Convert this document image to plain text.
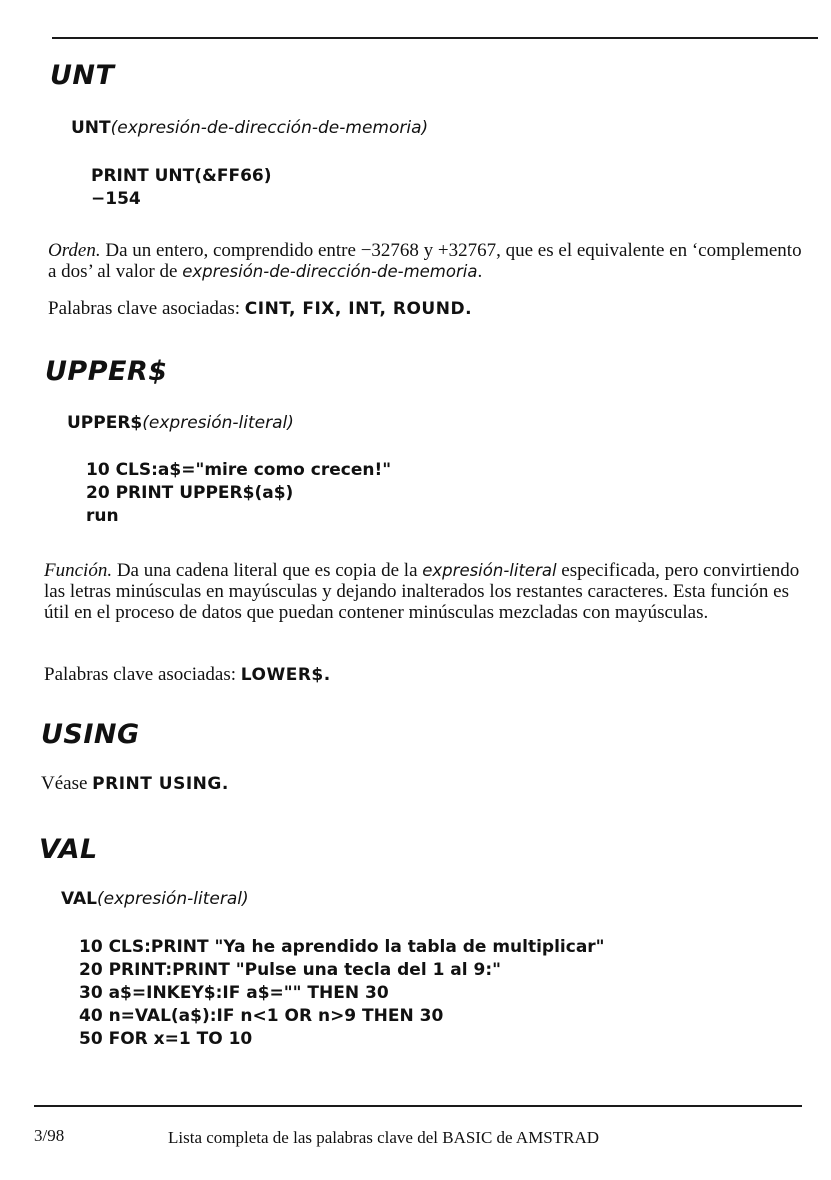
UNT
UNT(expresión-de-dirección-de-memoria)
PRINT UNT(&FF66)
−154

Orden. Da un entero, comprendido entre −32768 y +32767, que es el equivalente en ‘complemento a dos’ al valor de expresión-de-dirección-de-memoria.

Palabras clave asociadas: CINT, FIX, INT, ROUND.

UPPER$
UPPER$(expresión-literal)
10 CLS:a$="mire como crecen!"
20 PRINT UPPER$(a$)
run

Función. Da una cadena literal que es copia de la expresión-literal especificada, pero convirtiendo las letras minúsculas en mayúsculas y dejando inalterados los restantes caracteres. Esta función es útil en el proceso de datos que puedan contener minúsculas mezcladas con mayúsculas.

Palabras clave asociadas: LOWER$.

USING

Véase PRINT USING.

VAL
VAL(expresión-literal)
10 CLS:PRINT "Ya he aprendido la tabla de multiplicar"
20 PRINT:PRINT "Pulse una tecla del 1 al 9:"
30 a$=INKEY$:IF a$="" THEN 30
40 n=VAL(a$):IF n<1 OR n>9 THEN 30
50 FOR x=1 TO 10
3/98	Lista completa de las palabras clave del BASIC de AMSTRAD
